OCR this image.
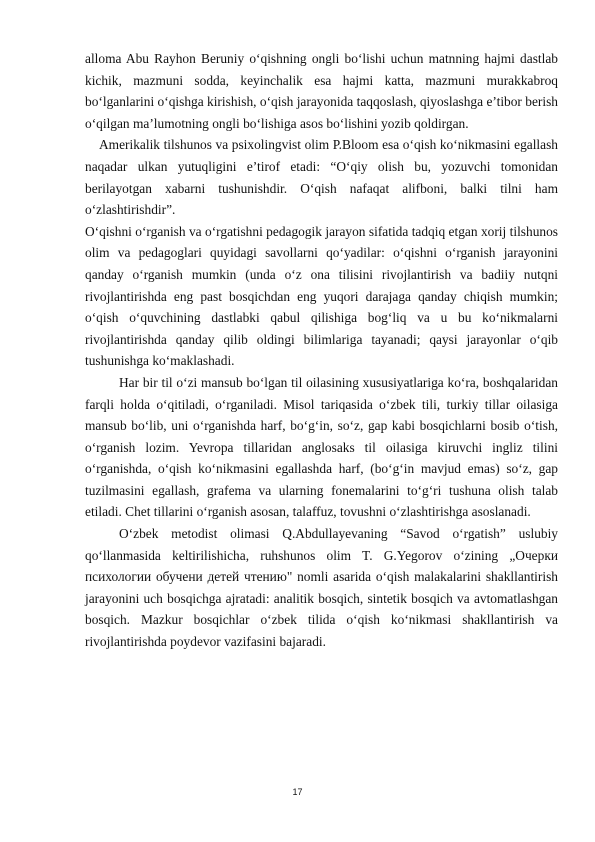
alloma Abu Rayhon Beruniy o‘qishning ongli bo‘lishi uchun matnning hajmi dastlab kichik, mazmuni sodda, keyinchalik esa hajmi katta, mazmuni murakkabroq bo‘lganlarini o‘qishga kirishish, o‘qish jarayonida taqqoslash, qiyoslashga e’tibor berish o‘qilgan ma’lumotning ongli bo‘lishiga asos bo‘lishini yozib qoldirgan.

Amerikalik tilshunos va psixolingvist olim P.Bloom esa o‘qish ko‘nikmasini egallash naqadar ulkan yutuqligini e’tirof etadi: “O‘qiy olish bu, yozuvchi tomonidan berilayotgan xabarni tushunishdir. O‘qish nafaqat alifboni, balki tilni ham o‘zlashtirishdir”.

O‘qishni o‘rganish va o‘rgatishni pedagogik jarayon sifatida tadqiq etgan xorij tilshunos olim va pedagoglari quyidagi savollarni qo‘yadilar: o‘qishni o‘rganish jarayonini qanday o‘rganish mumkin (unda o‘z ona tilisini rivojlantirish va badiiy nutqni rivojlantirishda eng past bosqichdan eng yuqori darajaga qanday chiqish mumkin; o‘qish o‘quvchining dastlabki qabul qilishiga bog‘liq va u bu ko‘nikmalarni rivojlantirishda qanday qilib oldingi bilimlariga tayanadi; qaysi jarayonlar o‘qib tushunishga ko‘maklashadi.

Har bir til o‘zi mansub bo‘lgan til oilasining xususiyatlariga ko‘ra, boshqalaridan farqli holda o‘qitiladi, o‘rganiladi. Misol tariqasida o‘zbek tili, turkiy tillar oilasiga mansub bo‘lib, uni o‘rganishda harf, bo‘g‘in, so‘z, gap kabi bosqichlarni bosib o‘tish, o‘rganish lozim. Yevropa tillaridan anglosaks til oilasiga kiruvchi ingliz tilini o‘rganishda, o‘qish ko‘nikmasini egallashda harf, (bo‘g‘in mavjud emas) so‘z, gap tuzilmasini egallash, grafema va ularning fonemalarini to‘g‘ri tushuna olish talab etiladi. Chet tillarini o‘rganish asosan, talaffuz, tovushni o‘zlashtirishga asoslanadi.

O‘zbek metodist olimasi Q.Abdullayevaning “Savod o‘rgatish” uslubiy qo‘llanmasida keltirilishicha, ruhshunos olim T. G.Yegorov o‘zining „Очерки психологии обучени детей чтению" nomli asarida o‘qish malakalarini shakllantirish jarayonini uch bosqichga ajratadi: analitik bosqich, sintetik bosqich va avtomatlashgan bosqich. Mazkur bosqichlar o‘zbek tilida o‘qish ko‘nikmasi shakllantirish va rivojlantirishda poydevor vazifasini bajaradi.

17
